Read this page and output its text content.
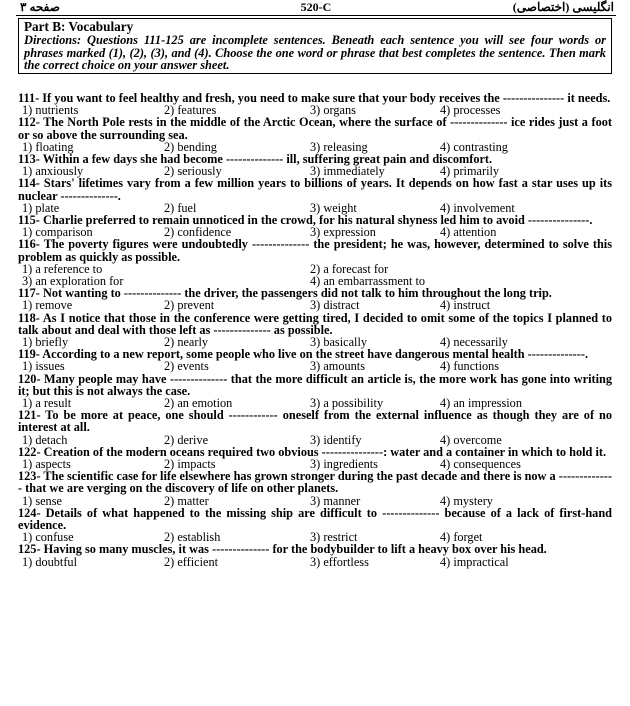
صفحه ۳	520-C	انگلیسی (اختصاصی)
Part B: Vocabulary
Directions: Questions 111-125 are incomplete sentences. Beneath each sentence you will see four words or phrases marked (1), (2), (3), and (4). Choose the one word or phrase that best completes the sentence. Then mark the correct choice on your answer sheet.
111- If you want to feel healthy and fresh, you need to make sure that your body receives the --------------- it needs.
1) nutrients	2) features	3) organs	4) processes
112- The North Pole rests in the middle of the Arctic Ocean, where the surface of -------------- ice rides just a foot or so above the surrounding sea.
1) floating	2) bending	3) releasing	4) contrasting
113- Within a few days she had become -------------- ill, suffering great pain and discomfort.
1) anxiously	2) seriously	3) immediately	4) primarily
114- Stars' lifetimes vary from a few million years to billions of years. It depends on how fast a star uses up its nuclear --------------.
1) plate	2) fuel	3) weight	4) involvement
115- Charlie preferred to remain unnoticed in the crowd, for his natural shyness led him to avoid ---------------.
1) comparison	2) confidence	3) expression	4) attention
116- The poverty figures were undoubtedly -------------- the president; he was, however, determined to solve this problem as quickly as possible.
1) a reference to	2) a forecast for
3) an exploration for	4) an embarrassment to
117- Not wanting to -------------- the driver, the passengers did not talk to him throughout the long trip.
1) remove	2) prevent	3) distract	4) instruct
118- As I notice that those in the conference were getting tired, I decided to omit some of the topics I planned to talk about and deal with those left as -------------- as possible.
1) briefly	2) nearly	3) basically	4) necessarily
119- According to a new report, some people who live on the street have dangerous mental health --------------.
1) issues	2) events	3) amounts	4) functions
120- Many people may have -------------- that the more difficult an article is, the more work has gone into writing it; but this is not always the case.
1) a result	2) an emotion	3) a possibility	4) an impression
121- To be more at peace, one should ------------ oneself from the external influence as though they are of no interest at all.
1) detach	2) derive	3) identify	4) overcome
122- Creation of the modern oceans required two obvious ---------------: water and a container in which to hold it.
1) aspects	2) impacts	3) ingredients	4) consequences
123- The scientific case for life elsewhere has grown stronger during the past decade and there is now a -------------- that we are verging on the discovery of life on other planets.
1) sense	2) matter	3) manner	4) mystery
124- Details of what happened to the missing ship are difficult to -------------- because of a lack of first-hand evidence.
1) confuse	2) establish	3) restrict	4) forget
125- Having so many muscles, it was -------------- for the bodybuilder to lift a heavy box over his head.
1) doubtful	2) efficient	3) effortless	4) impractical
